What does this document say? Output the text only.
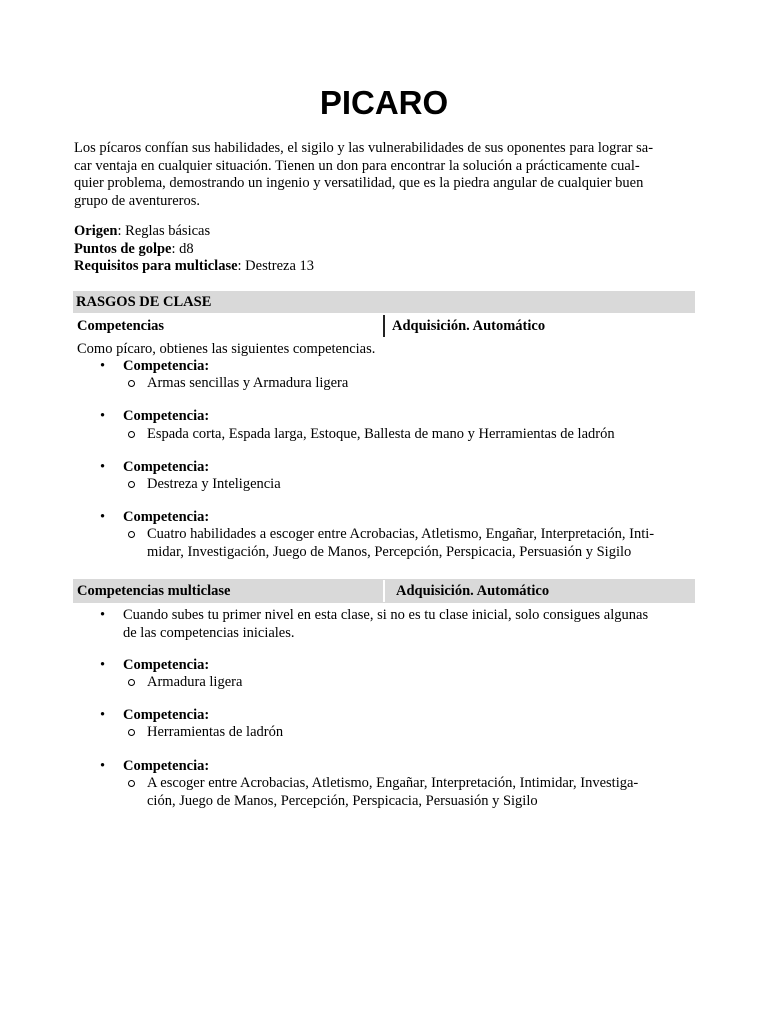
PICARO
Los pícaros confían sus habilidades, el sigilo y las vulnerabilidades de sus oponentes para lograr sa-
car ventaja en cualquier situación. Tienen un don para encontrar la solución a prácticamente cual-
quier problema, demostrando un ingenio y versatilidad, que es la piedra angular de cualquier buen
grupo de aventureros.
Origen: Reglas básicas
Puntos de golpe: d8
Requisitos para multiclase: Destreza 13
RASGOS DE CLASE
Competencias	Adquisición. Automático
Como pícaro, obtienes las siguientes competencias.
•	Competencia:
Armas sencillas y Armadura ligera
•	Competencia:
Espada corta, Espada larga, Estoque, Ballesta de mano y Herramientas de ladrón
•	Competencia:
Destreza y Inteligencia
•	Competencia:
Cuatro habilidades a escoger entre Acrobacias, Atletismo, Engañar, Interpretación, Inti-
midar, Investigación, Juego de Manos, Percepción, Perspicacia, Persuasión y Sigilo
Competencias multiclase	Adquisición. Automático
• Cuando subes tu primer nivel en esta clase, si no es tu clase inicial, solo consigues algunas
de las competencias iniciales.
•	Competencia:
Armadura ligera
•	Competencia:
Herramientas de ladrón
•	Competencia:
A escoger entre Acrobacias, Atletismo, Engañar, Interpretación, Intimidar, Investiga-
ción, Juego de Manos, Percepción, Perspicacia, Persuasión y Sigilo
